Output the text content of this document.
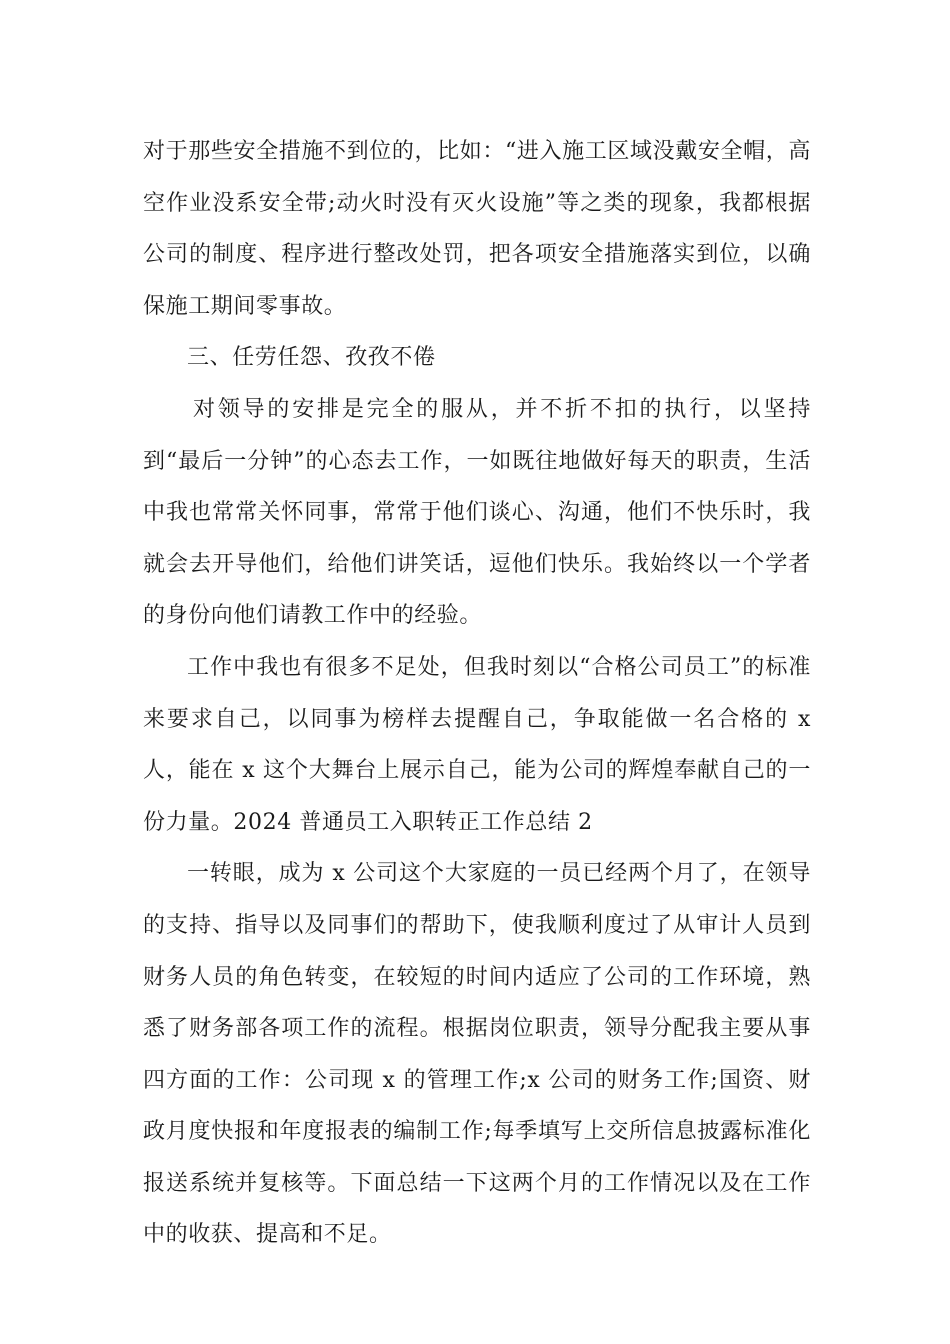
对于那些安全措施不到位的，比如：“进入施工区域没戴安全帽，高空作业没系安全带;动火时没有灭火设施”等之类的现象，我都根据公司的制度、程序进行整改处罚，把各项安全措施落实到位，以确保施工期间零事故。

三、任劳任怨、孜孜不倦

对领导的安排是完全的服从，并不折不扣的执行，以坚持到“最后一分钟”的心态去工作，一如既往地做好每天的职责，生活中我也常常关怀同事，常常于他们谈心、沟通，他们不快乐时，我就会去开导他们，给他们讲笑话，逗他们快乐。我始终以一个学者的身份向他们请教工作中的经验。

工作中我也有很多不足处，但我时刻以“合格公司员工”的标准来要求自己，以同事为榜样去提醒自己，争取能做一名合格的 x 人，能在 x 这个大舞台上展示自己，能为公司的辉煌奉献自己的一份力量。2024 普通员工入职转正工作总结 2

一转眼，成为 x 公司这个大家庭的一员已经两个月了，在领导的支持、指导以及同事们的帮助下，使我顺利度过了从审计人员到财务人员的角色转变，在较短的时间内适应了公司的工作环境，熟悉了财务部各项工作的流程。根据岗位职责，领导分配我主要从事四方面的工作：公司现 x 的管理工作;x 公司的财务工作;国资、财政月度快报和年度报表的编制工作;每季填写上交所信息披露标准化报送系统并复核等。下面总结一下这两个月的工作情况以及在工作中的收获、提高和不足。
